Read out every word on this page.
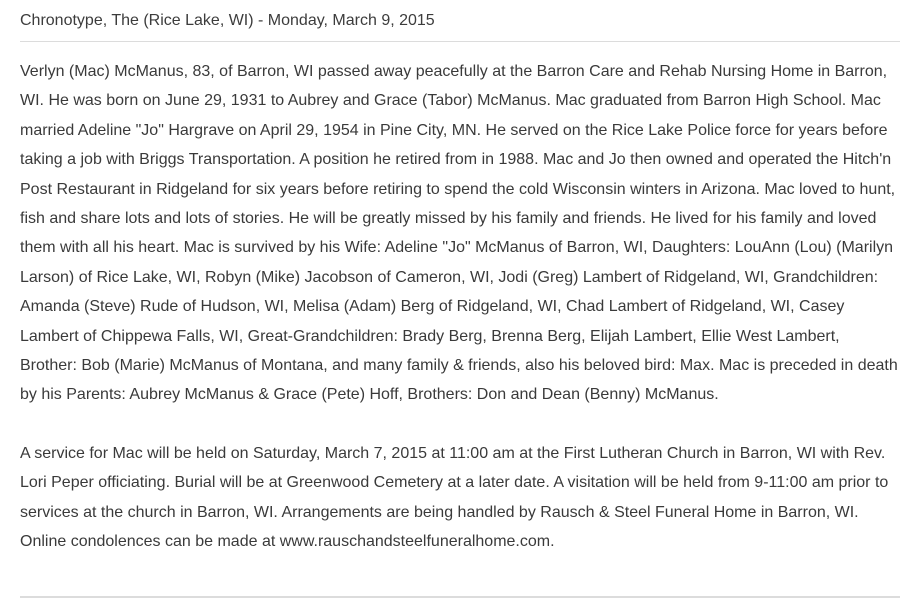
Chronotype, The (Rice Lake, WI) - Monday, March 9, 2015

Verlyn (Mac) McManus, 83, of Barron, WI passed away peacefully at the Barron Care and Rehab Nursing Home in Barron, WI. He was born on June 29, 1931 to Aubrey and Grace (Tabor) McManus. Mac graduated from Barron High School. Mac married Adeline "Jo" Hargrave on April 29, 1954 in Pine City, MN. He served on the Rice Lake Police force for years before taking a job with Briggs Transportation. A position he retired from in 1988. Mac and Jo then owned and operated the Hitch'n Post Restaurant in Ridgeland for six years before retiring to spend the cold Wisconsin winters in Arizona. Mac loved to hunt, fish and share lots and lots of stories. He will be greatly missed by his family and friends. He lived for his family and loved them with all his heart. Mac is survived by his Wife: Adeline "Jo" McManus of Barron, WI, Daughters: LouAnn (Lou) (Marilyn Larson) of Rice Lake, WI, Robyn (Mike) Jacobson of Cameron, WI, Jodi (Greg) Lambert of Ridgeland, WI, Grandchildren: Amanda (Steve) Rude of Hudson, WI, Melisa (Adam) Berg of Ridgeland, WI, Chad Lambert of Ridgeland, WI, Casey Lambert of Chippewa Falls, WI, Great-Grandchildren: Brady Berg, Brenna Berg, Elijah Lambert, Ellie West Lambert, Brother: Bob (Marie) McManus of Montana, and many family & friends, also his beloved bird: Max. Mac is preceded in death by his Parents: Aubrey McManus & Grace (Pete) Hoff, Brothers: Don and Dean (Benny) McManus.

A service for Mac will be held on Saturday, March 7, 2015 at 11:00 am at the First Lutheran Church in Barron, WI with Rev. Lori Peper officiating. Burial will be at Greenwood Cemetery at a later date. A visitation will be held from 9-11:00 am prior to services at the church in Barron, WI. Arrangements are being handled by Rausch & Steel Funeral Home in Barron, WI. Online condolences can be made at www.rauschandsteelfuneralhome.com.
